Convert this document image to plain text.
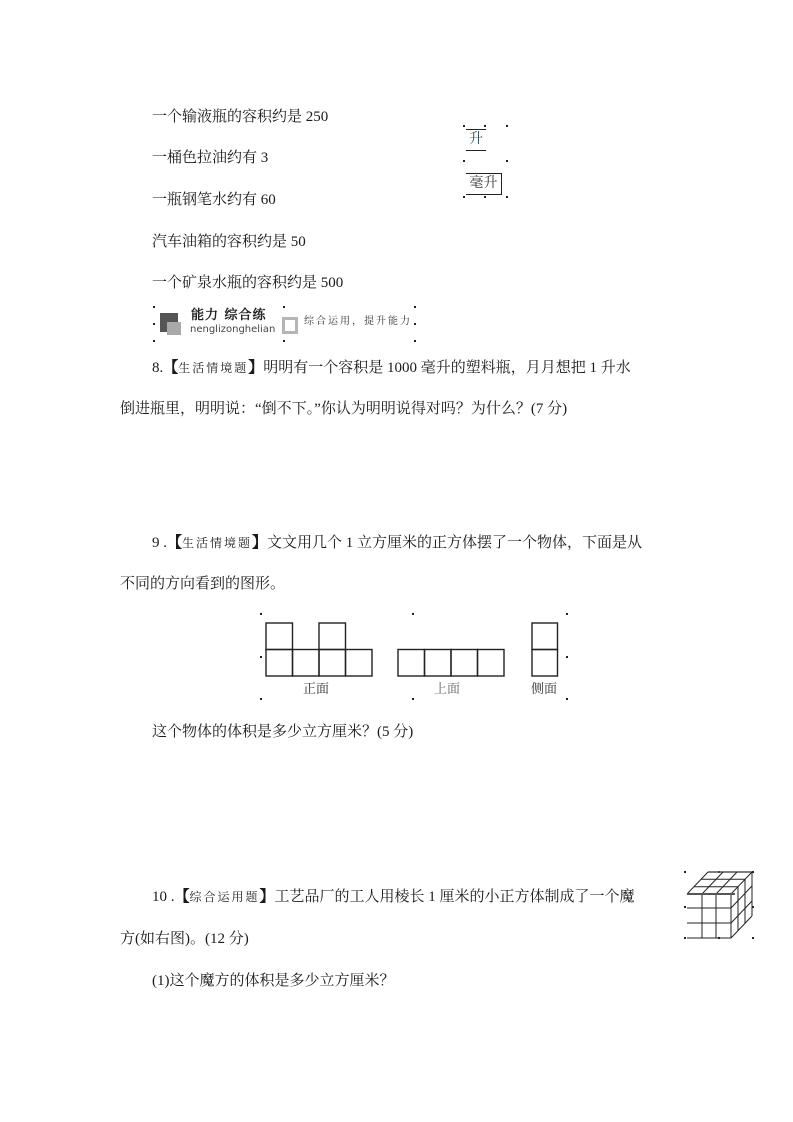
一个输液瓶的容积约是 250
一桶色拉油约有 3
一瓶钢笔水约有 60
汽车油箱的容积约是 50
一个矿泉水瓶的容积约是 500
升
毫升
能力 综合练
nenglizonghelian
综合运用，提升能力
8.【生活情境题】明明有一个容积是 1000 毫升的塑料瓶，月月想把 1 升水
倒进瓶里，明明说：“倒不下。”你认为明明说得对吗？为什么？(7 分)
9 .【生活情境题】文文用几个 1 立方厘米的正方体摆了一个物体，下面是从
不同的方向看到的图形。
正面	上面	侧面
这个物体的体积是多少立方厘米？(5 分)
10 .【综合运用题】工艺品厂的工人用棱长 1 厘米的小正方体制成了一个魔
方(如右图)。(12 分)
(1)这个魔方的体积是多少立方厘米？
